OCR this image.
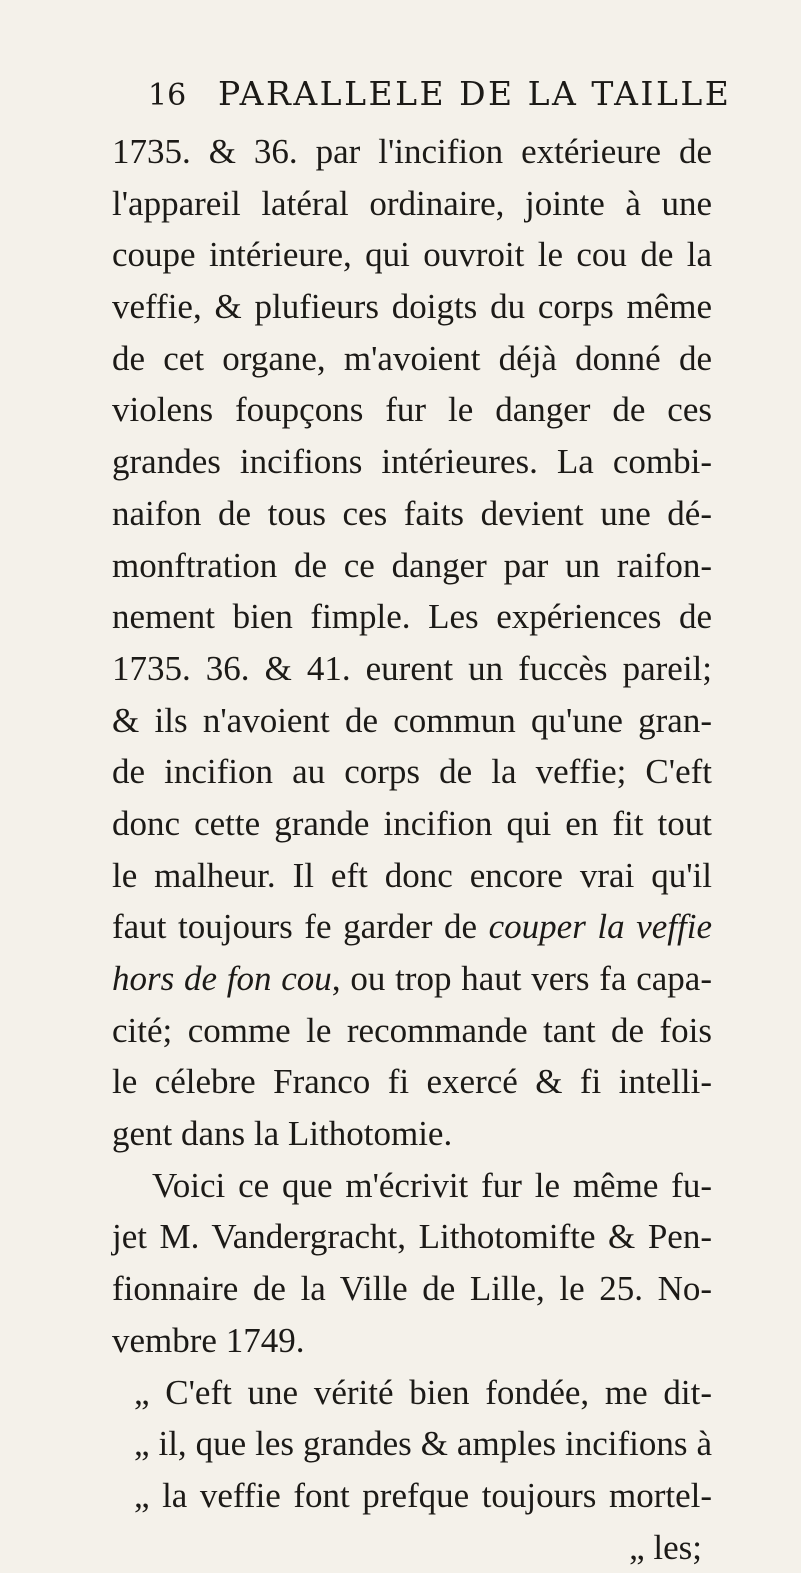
16 PARALLELE DE LA TAILLE
1735. & 36. par l'incifion extérieure de
l'appareil latéral ordinaire, jointe à une
coupe intérieure, qui ouvroit le cou de la
veffie, & plufieurs doigts du corps même
de cet organe, m'avoient déjà donné de
violens foupçons fur le danger de ces
grandes incifions intérieures. La combi-
naifon de tous ces faits devient une dé-
monftration de ce danger par un raifon-
nement bien fimple. Les expériences de
1735. 36. & 41. eurent un fuccès pareil;
& ils n'avoient de commun qu'une gran-
de incifion au corps de la veffie; C'eft
donc cette grande incifion qui en fit tout
le malheur. Il eft donc encore vrai qu'il
faut toujours fe garder de couper la veffie
hors de fon cou, ou trop haut vers fa capa-
cité; comme le recommande tant de fois
le célebre Franco fi exercé & fi intelli-
gent dans la Lithotomie.
Voici ce que m'écrivit fur le même fu-
jet M. Vandergracht, Lithotomifte & Pen-
fionnaire de la Ville de Lille, le 25. No-
vembre 1749.
„ C'eft une vérité bien fondée, me dit-
„ il, que les grandes & amples incifions à
„ la veffie font prefque toujours mortel-
„ les;
